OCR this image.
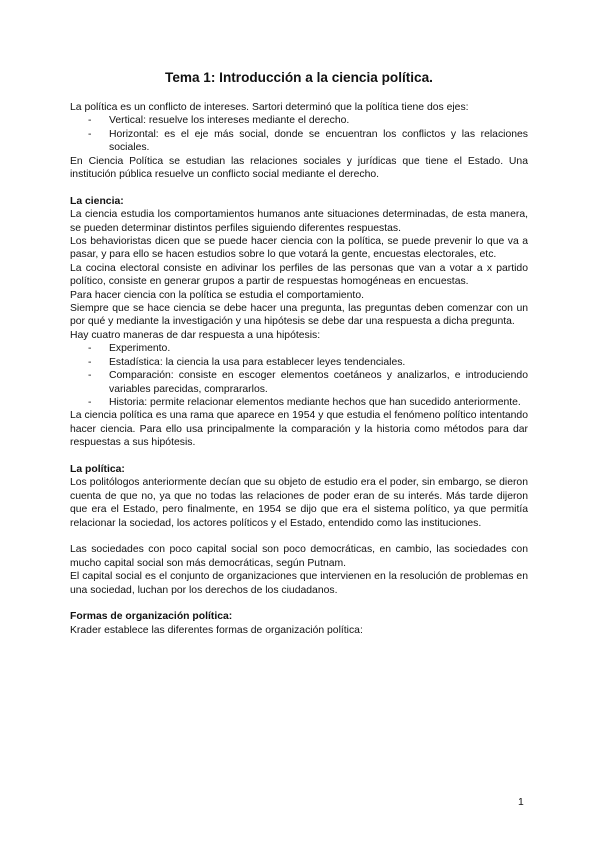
Tema 1: Introducción a la ciencia política.

La política es un conflicto de intereses. Sartori determinó que la política tiene dos ejes:

- Vertical: resuelve los intereses mediante el derecho.
- Horizontal: es el eje más social, donde se encuentran los conflictos y las relaciones sociales.

En Ciencia Política se estudian las relaciones sociales y jurídicas que tiene el Estado. Una institución pública resuelve un conflicto social mediante el derecho.

La ciencia:

La ciencia estudia los comportamientos humanos ante situaciones determinadas, de esta manera, se pueden determinar distintos perfiles siguiendo diferentes respuestas.

Los behavioristas dicen que se puede hacer ciencia con la política, se puede prevenir lo que va a pasar, y para ello se hacen estudios sobre lo que votará la gente, encuestas electorales, etc.

La cocina electoral consiste en adivinar los perfiles de las personas que van a votar a x partido político, consiste en generar grupos a partir de respuestas homogéneas en encuestas.

Para hacer ciencia con la política se estudia el comportamiento.

Siempre que se hace ciencia se debe hacer una pregunta, las preguntas deben comenzar con un por qué y mediante la investigación y una hipótesis se debe dar una respuesta a dicha pregunta.

Hay cuatro maneras de dar respuesta a una hipótesis:

- Experimento.
- Estadística: la ciencia la usa para establecer leyes tendenciales.
- Comparación: consiste en escoger elementos coetáneos y analizarlos, e introduciendo variables parecidas, comprararlos.
- Historia: permite relacionar elementos mediante hechos que han sucedido anteriormente.

La ciencia política es una rama que aparece en 1954 y que estudia el fenómeno político intentando hacer ciencia. Para ello usa principalmente la comparación y la historia como métodos para dar respuestas a sus hipótesis.

La política:

Los politólogos anteriormente decían que su objeto de estudio era el poder, sin embargo, se dieron cuenta de que no, ya que no todas las relaciones de poder eran de su interés. Más tarde dijeron que era el Estado, pero finalmente, en 1954 se dijo que era el sistema político, ya que permitía relacionar la sociedad, los actores políticos y el Estado, entendido como las instituciones.

Las sociedades con poco capital social son poco democráticas, en cambio, las sociedades con mucho capital social son más democráticas, según Putnam.

El capital social es el conjunto de organizaciones que intervienen en la resolución de problemas en una sociedad, luchan por los derechos de los ciudadanos.

Formas de organización política:

Krader establece las diferentes formas de organización política:

1
